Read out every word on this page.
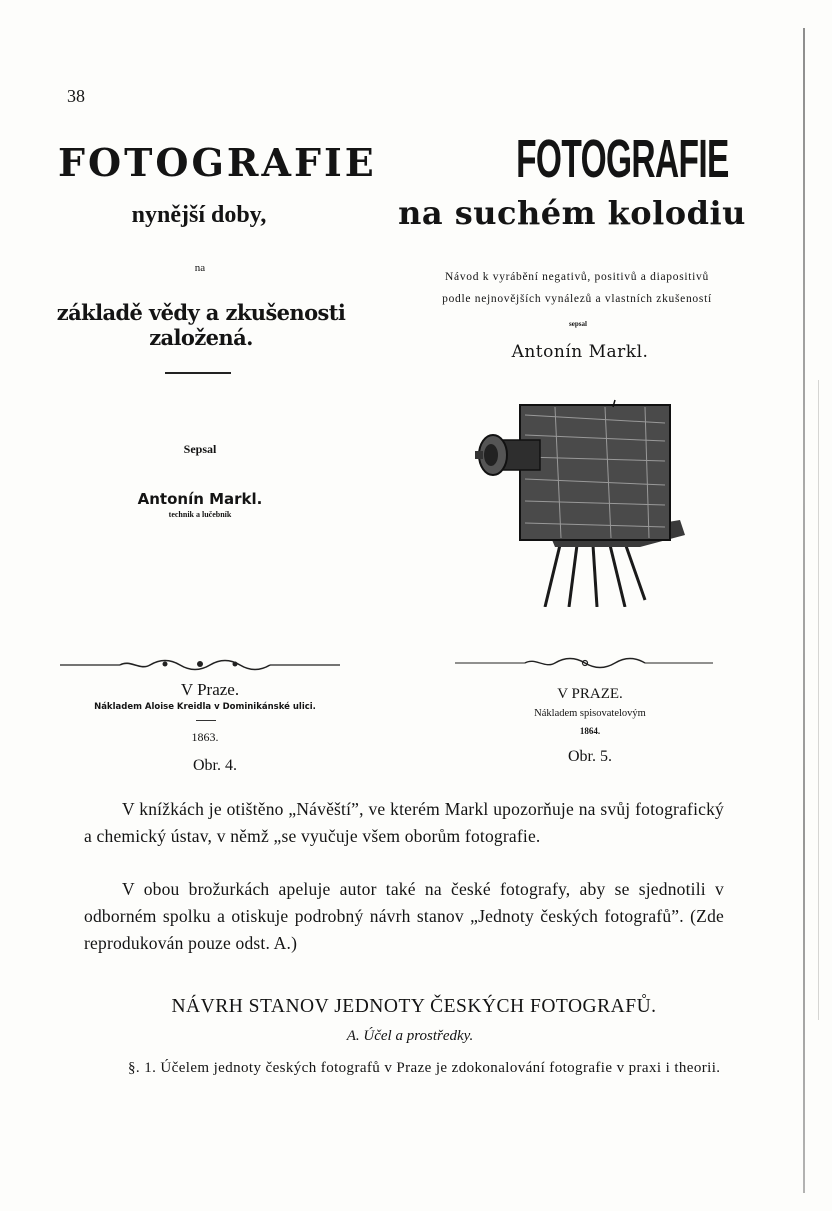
38
FOTOGRAFIE
nynější doby,
na
základě vědy a zkušenosti založená.
Sepsal
Antonín Markl.
technik a lučebník
V Praze.
Nákladem Aloise Kreidla v Dominikánské ulici.
1863.
Obr. 4.
FOTOGRAFIE
na suchém kolodiu
Návod k vyrábění negativů, positivů a diapositivů
podle nejnovějších vynálezů a vlastních zkušeností
sepsal
Antonín Markl.
V PRAZE.
Nákladem spisovatelovým
1864.
Obr. 5.
V knížkách je otištěno „Návěští”, ve kterém Markl upozorňuje na svůj fotografický a chemický ústav, v němž „se vyučuje všem oborům fotografie.
V obou brožurkách apeluje autor také na české fotografy, aby se sjednotili v odborném spolku a otiskuje podrobný návrh stanov „Jednoty českých fotografů”. (Zde reprodukován pouze odst. A.)
NÁVRH STANOV JEDNOTY ČESKÝCH FOTOGRAFŮ.
A. Účel a prostředky.
§. 1. Účelem jednoty českých fotografů v Praze je zdokonalování fotografie v praxi i theorii.
